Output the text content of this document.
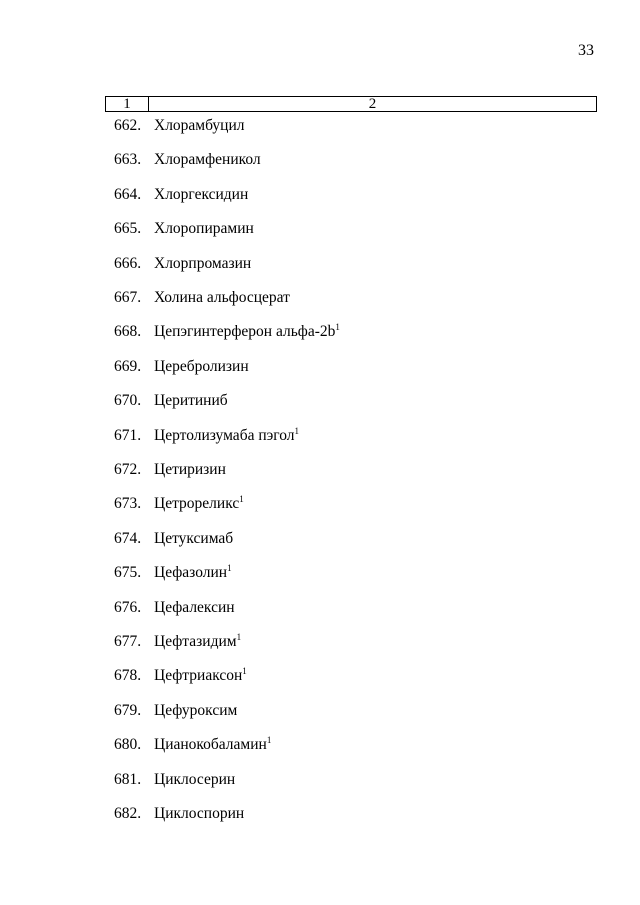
33
1	2
662. Хлорамбуцил
663. Хлорамфеникол
664. Хлоргексидин
665. Хлоропирамин
666. Хлорпромазин
667. Холина альфосцерат
668. Цепэгинтерферон альфа-$2b^1$
669. Церебролизин
670. Церитиниб
671. Цертолизумаба пэгол$^1$
672. Цетиризин
673. Цетрореликс$^1$
674. Цетуксимаб
675. Цефазолин$^1$
676. Цефалексин
677. Цефтазидим$^1$
678. Цефтриаксон$^1$
679. Цефуроксим
680. Цианокобаламин$^1$
681. Циклосерин
682. Циклоспорин
